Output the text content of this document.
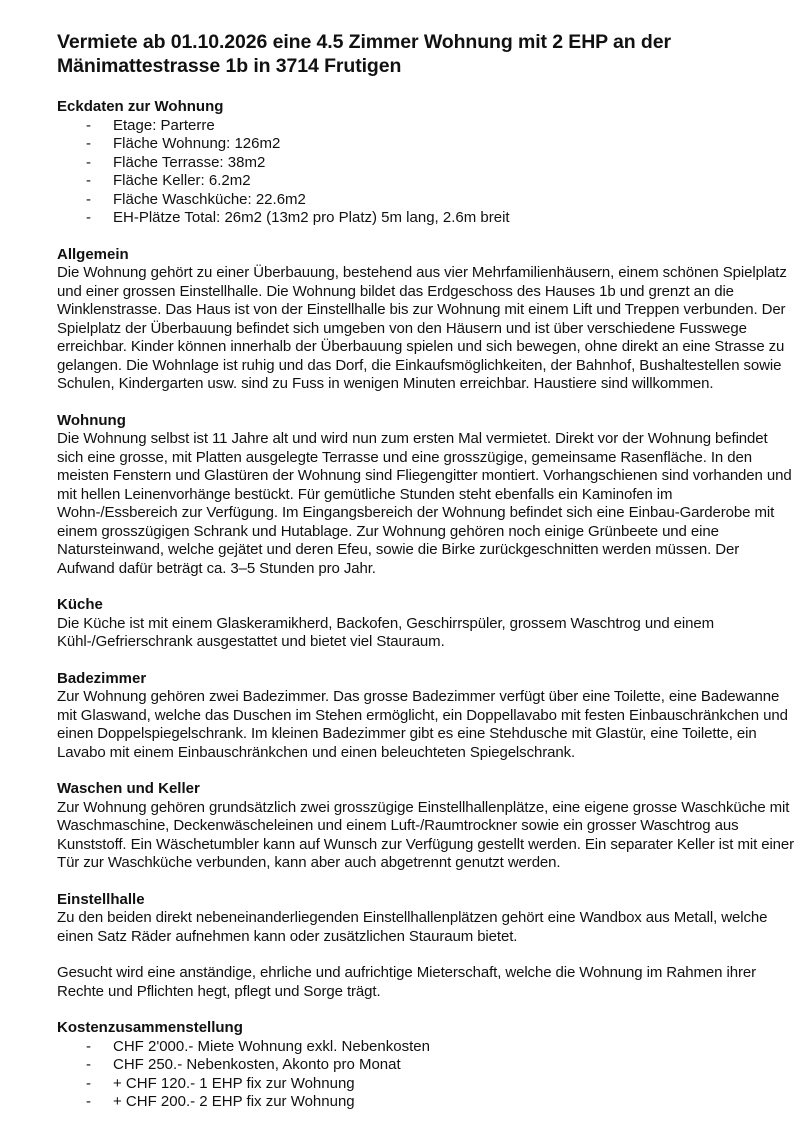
Vermiete ab 01.10.2026 eine 4.5 Zimmer Wohnung mit 2 EHP an der Mänimattestrasse 1b in 3714 Frutigen

Eckdaten zur Wohnung

-	Etage: Parterre
-	Fläche Wohnung: 126m2
-	Fläche Terrasse: 38m2
-	Fläche Keller: 6.2m2
-	Fläche Waschküche: 22.6m2
-	EH-Plätze Total: 26m2 (13m2 pro Platz) 5m lang, 2.6m breit

Allgemein

Die Wohnung gehört zu einer Überbauung, bestehend aus vier Mehrfamilienhäusern, einem schönen Spielplatz und einer grossen Einstellhalle. Die Wohnung bildet das Erdgeschoss des Hauses 1b und grenzt an die Winklenstrasse. Das Haus ist von der Einstellhalle bis zur Wohnung mit einem Lift und Treppen verbunden. Der Spielplatz der Überbauung befindet sich umgeben von den Häusern und ist über verschiedene Fusswege erreichbar. Kinder können innerhalb der Überbauung spielen und sich bewegen, ohne direkt an eine Strasse zu gelangen. Die Wohnlage ist ruhig und das Dorf, die Einkaufsmöglichkeiten, der Bahnhof, Bushaltestellen sowie Schulen, Kindergarten usw. sind zu Fuss in wenigen Minuten erreichbar. Haustiere sind willkommen.

Wohnung

Die Wohnung selbst ist 11 Jahre alt und wird nun zum ersten Mal vermietet. Direkt vor der Wohnung befindet sich eine grosse, mit Platten ausgelegte Terrasse und eine grosszügige, gemeinsame Rasenfläche. In den meisten Fenstern und Glastüren der Wohnung sind Fliegengitter montiert. Vorhangschienen sind vorhanden und mit hellen Leinenvorhänge bestückt. Für gemütliche Stunden steht ebenfalls ein Kaminofen im Wohn-/Essbereich zur Verfügung. Im Eingangsbereich der Wohnung befindet sich eine Einbau-Garderobe mit einem grosszügigen Schrank und Hutablage. Zur Wohnung gehören noch einige Grünbeete und eine Natursteinwand, welche gejätet und deren Efeu, sowie die Birke zurückgeschnitten werden müssen. Der Aufwand dafür beträgt ca. 3–5 Stunden pro Jahr.

Küche

Die Küche ist mit einem Glaskeramikherd, Backofen, Geschirrspüler, grossem Waschtrog und einem Kühl-/Gefrierschrank ausgestattet und bietet viel Stauraum.

Badezimmer

Zur Wohnung gehören zwei Badezimmer. Das grosse Badezimmer verfügt über eine Toilette, eine Badewanne mit Glaswand, welche das Duschen im Stehen ermöglicht, ein Doppellavabo mit festen Einbauschränkchen und einen Doppelspiegelschrank. Im kleinen Badezimmer gibt es eine Stehdusche mit Glastür, eine Toilette, ein Lavabo mit einem Einbauschränkchen und einen beleuchteten Spiegelschrank.

Waschen und Keller

Zur Wohnung gehören grundsätzlich zwei grosszügige Einstellhallenplätze, eine eigene grosse Waschküche mit Waschmaschine, Deckenwäscheleinen und einem Luft-/Raumtrockner sowie ein grosser Waschtrog aus Kunststoff. Ein Wäschetumbler kann auf Wunsch zur Verfügung gestellt werden. Ein separater Keller ist mit einer Tür zur Waschküche verbunden, kann aber auch abgetrennt genutzt werden.

Einstellhalle

Zu den beiden direkt nebeneinanderliegenden Einstellhallenplätzen gehört eine Wandbox aus Metall, welche einen Satz Räder aufnehmen kann oder zusätzlichen Stauraum bietet.

Gesucht wird eine anständige, ehrliche und aufrichtige Mieterschaft, welche die Wohnung im Rahmen ihrer Rechte und Pflichten hegt, pflegt und Sorge trägt.

Kostenzusammenstellung

-	CHF 2'000.- Miete Wohnung exkl. Nebenkosten
-	CHF 250.- Nebenkosten, Akonto pro Monat
-	+ CHF 120.- 1 EHP fix zur Wohnung
-	+ CHF 200.- 2 EHP fix zur Wohnung
